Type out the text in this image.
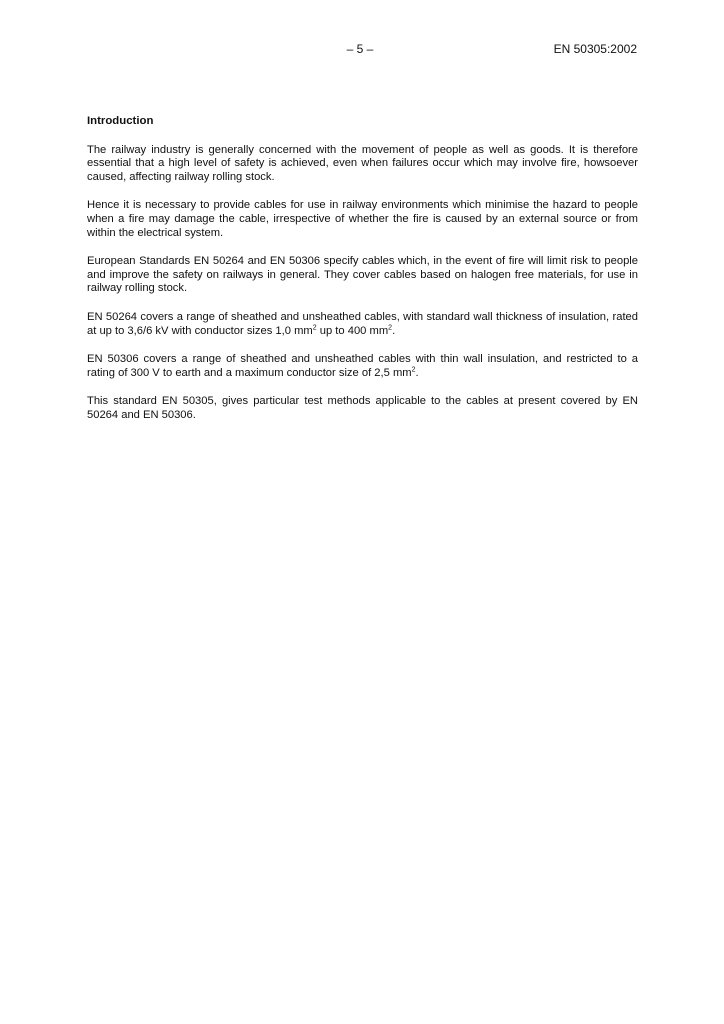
– 5 –	EN 50305:2002
Introduction

The railway industry is generally concerned with the movement of people as well as goods. It is therefore essential that a high level of safety is achieved, even when failures occur which may involve fire, howsoever caused, affecting railway rolling stock.

Hence it is necessary to provide cables for use in railway environments which minimise the hazard to people when a fire may damage the cable, irrespective of whether the fire is caused by an external source or from within the electrical system.

European Standards EN 50264 and EN 50306 specify cables which, in the event of fire will limit risk to people and improve the safety on railways in general. They cover cables based on halogen free materials, for use in railway rolling stock.

EN 50264 covers a range of sheathed and unsheathed cables, with standard wall thickness of insulation, rated at up to 3,6/6 kV with conductor sizes 1,0 $mm^2$ up to 400 $mm^2$.

EN 50306 covers a range of sheathed and unsheathed cables with thin wall insulation, and restricted to a rating of 300 V to earth and a maximum conductor size of 2,5 $mm^2$.

This standard EN 50305, gives particular test methods applicable to the cables at present covered by EN 50264 and EN 50306.
